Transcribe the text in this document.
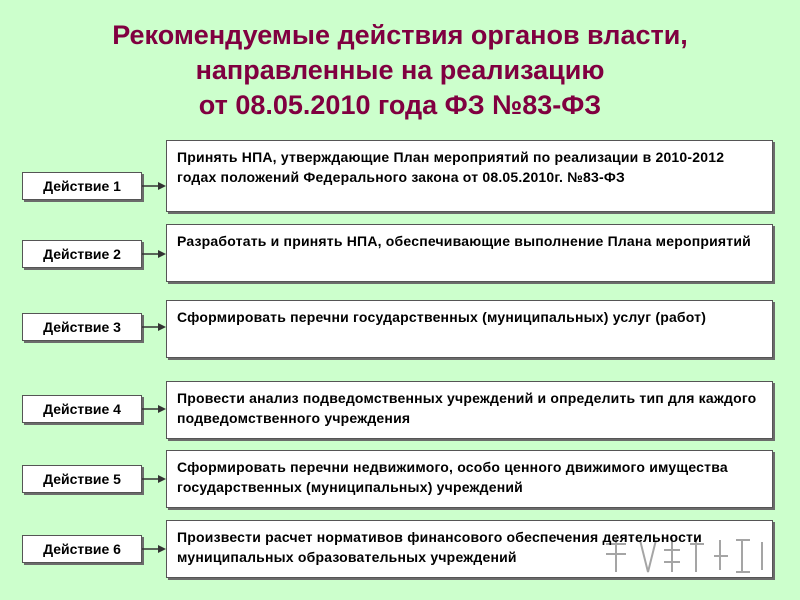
Рекомендуемые действия органов власти,
направленные на реализацию
от 08.05.2010 года ФЗ №83-ФЗ
Действие 1
Принять НПА, утверждающие План мероприятий по реализации в 2010-2012 годах положений Федерального закона от 08.05.2010г. №83-ФЗ
Действие 2
Разработать и принять НПА, обеспечивающие выполнение Плана мероприятий
Действие 3
Сформировать перечни государственных (муниципальных) услуг (работ)
Действие 4
Провести анализ подведомственных учреждений и определить тип для каждого подведомственного учреждения
Действие 5
Сформировать перечни недвижимого, особо ценного движимого имущества государственных (муниципальных) учреждений
Действие 6
Произвести расчет нормативов финансового обеспечения деятельности муниципальных образовательных учреждений
